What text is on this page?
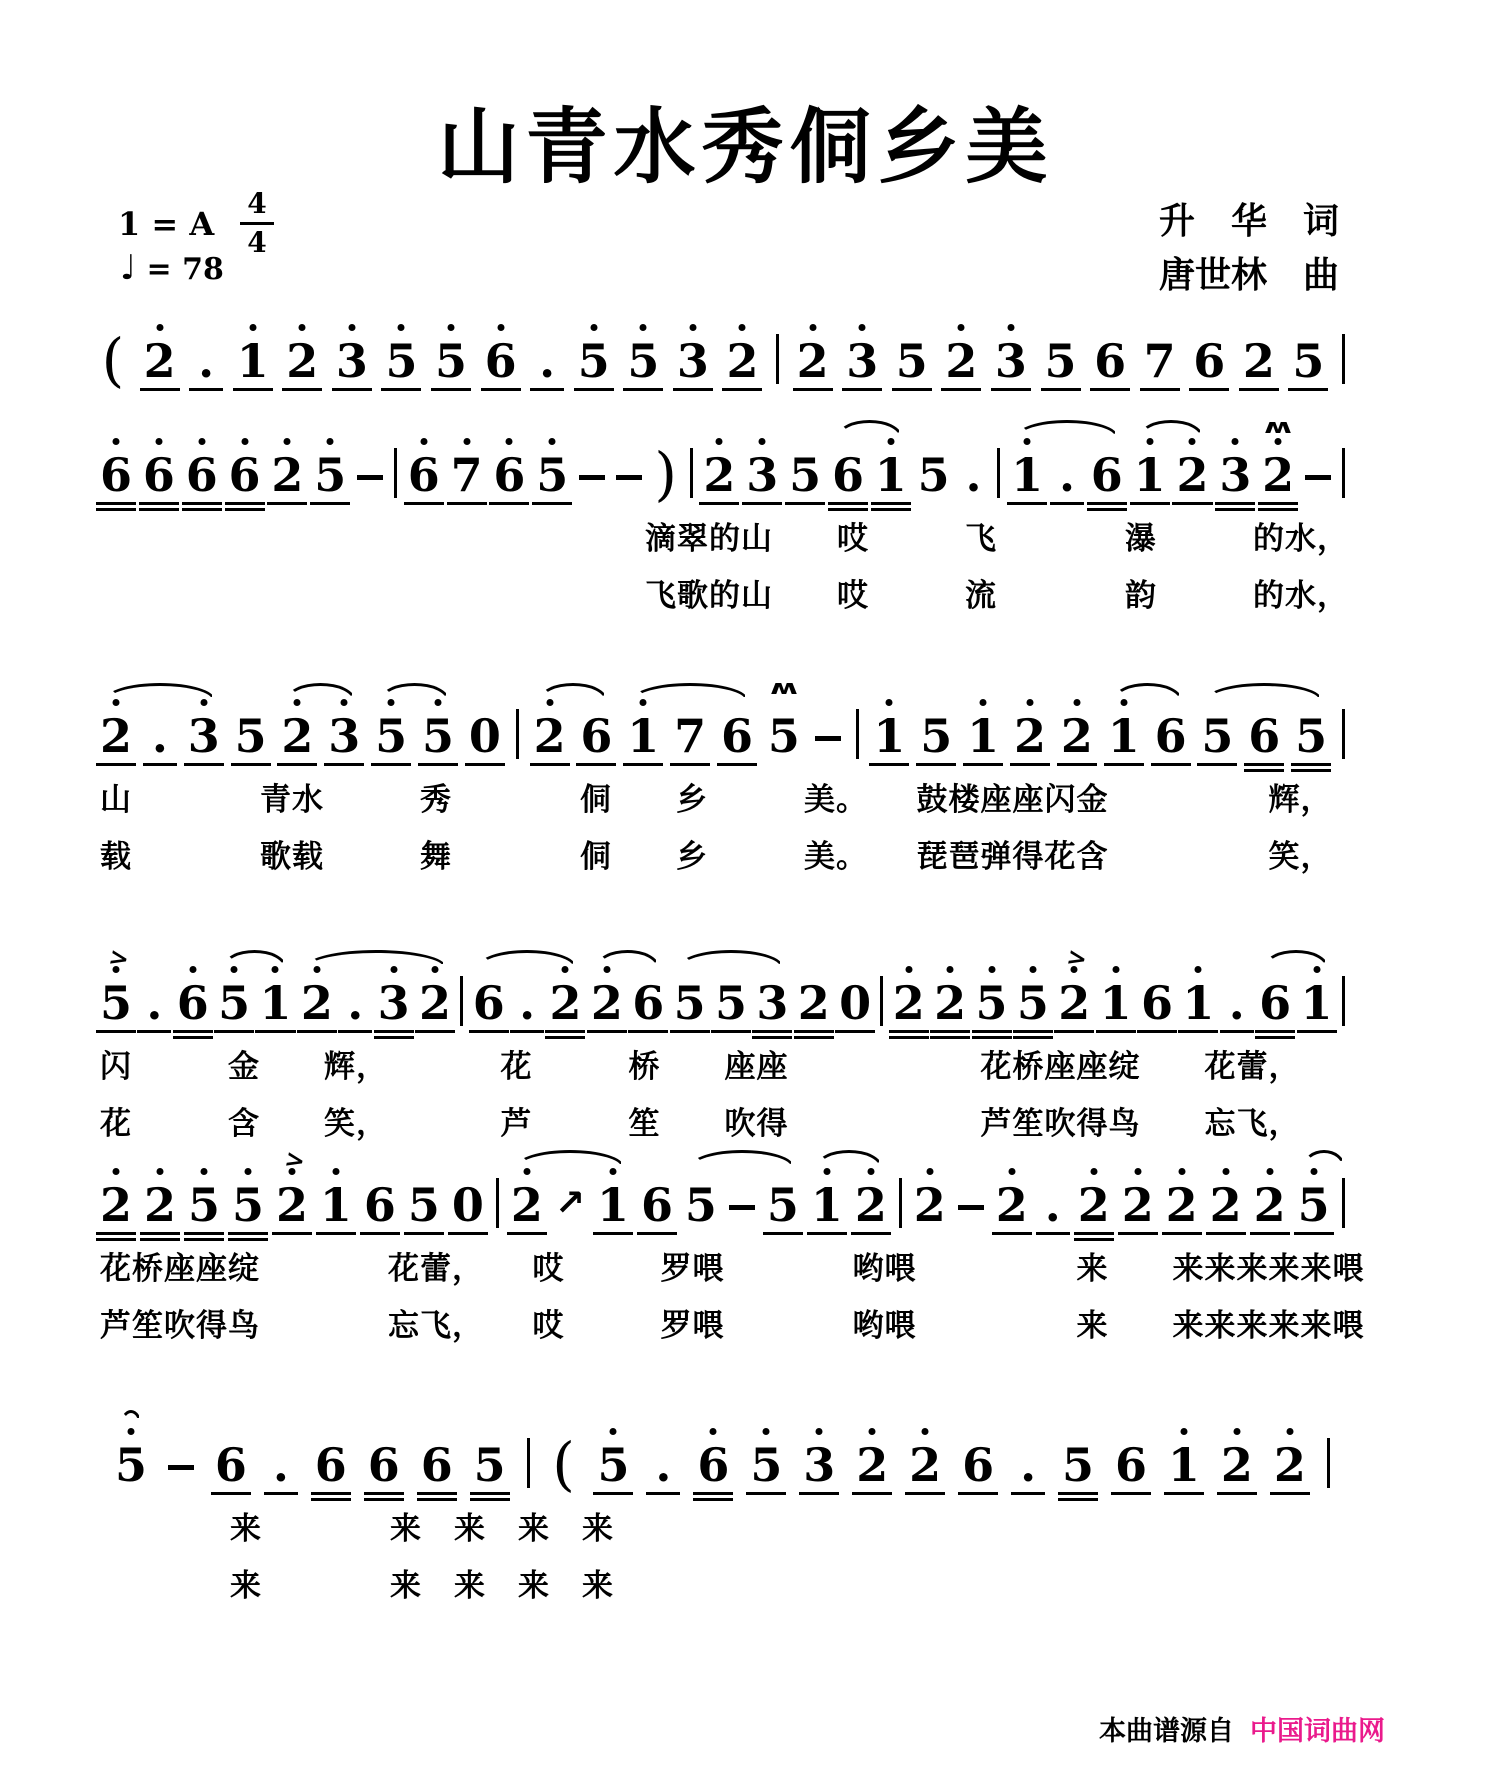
山青水秀侗乡美
1 = A $\frac{4}{4}$
♩ = 78
升　华　词
唐世林　曲
( 2 . 1 2 3 5 5 6 . 5 5 3 2 2 3 5 2 3 5 6 7 6 2 5
6 6 6 6 2 5 6 7 6 5 ) 2 3 5 6 1 5 . 1 . 6 1 2 3 2
ʍ
滴翠的山　　哎　　　飞　　　　瀑　　　的水，
飞歌的山　　哎　　　流　　　　韵　　　的水，
2 . 3 5 2 3 5 5 0 2 6 1 7 6 5
ʍ
1 5 1 2 2 1 6 5 6 5
山　　　　青水　　　秀　　　　侗　　乡　　　美。　　鼓楼座座闪金　　　　　辉，
载　　　　歌载　　　舞　　　　侗　　乡　　　美。　　琵琶弹得花含　　　　　笑，
5
>
. 6 5 1 2 . 3 2 6 . 2 2 6 5 5 3 2 0 2 2 5 5 2
>
1 6 1 . 6 1
闪　　　金　　辉，　　　　花　　　桥　　座座　　　　　　花桥座座绽　　花蕾，
花　　　含　　笑，　　　　芦　　　笙　　吹得　　　　　　芦笙吹得鸟　　忘飞，
2 2 5 5 2
>
1 6 5 0 2 ↗ 1 6 5 5 1 2 2 2 . 2 2 2 2 2 5
花桥座座绽　　　　花蕾，　　哎　　　罗喂　　　　哟喂　　　　　来　　来来来来来喂
芦笙吹得鸟　　　　忘飞，　　哎　　　罗喂　　　　哟喂　　　　　来　　来来来来来喂
5 6 . 6 6 6 5 ( 5 . 6 5 3 2 2 6 . 5 6 1 2 2
来　　　　来　来　来　来
来　　　　来　来　来　来
本曲谱源自 中国词曲网
